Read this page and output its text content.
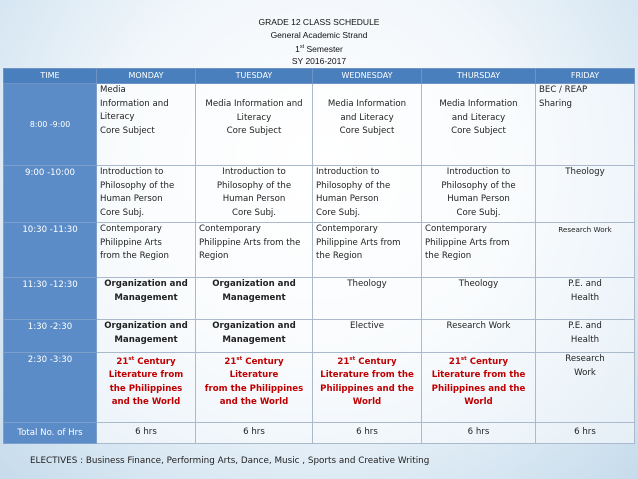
GRADE 12 CLASS SCHEDULE
General Academic Strand
1st Semester
SY 2016-2017
TIME	MONDAY	TUESDAY	WEDNESDAY	THURSDAY	FRIDAY

8:00 -9:00	Media
Information and
Literacy
Core Subject	Media Information and
Literacy
Core Subject	Media Information
and Literacy
Core Subject	Media Information
and Literacy
Core Subject	BEC / REAP
Sharing

9:00 -10:00	Introduction to
Philosophy of the
Human Person
Core Subj.	Introduction to
Philosophy of the
Human Person
Core Subj.	Introduction to
Philosophy of the
Human Person
Core Subj.	Introduction to
Philosophy of the
Human Person
Core Subj.	Theology

10:30 -11:30	Contemporary
Philippine Arts
from the Region	Contemporary
Philippine Arts from the
Region	Contemporary
Philippine Arts from
the Region	Contemporary
Philippine Arts from
the Region	Research Work

11:30 -12:30	Organization and
Management	Organization and
Management	Theology	Theology	P.E. and
Health

1:30 -2:30	Organization and
Management	Organization and
Management	Elective	Research Work	P.E. and
Health

2:30 -3:30	21st Century
Literature from
the Philippines
and the World	21st Century Literature
from the Philippines
and the World	21st Century
Literature from the
Philippines and the
World	21st Century
Literature from the
Philippines and the
World	Research
Work

Total No. of Hrs	6 hrs	6 hrs	6 hrs	6 hrs	6 hrs
ELECTIVES : Business Finance, Performing Arts, Dance, Music , Sports and Creative Writing
